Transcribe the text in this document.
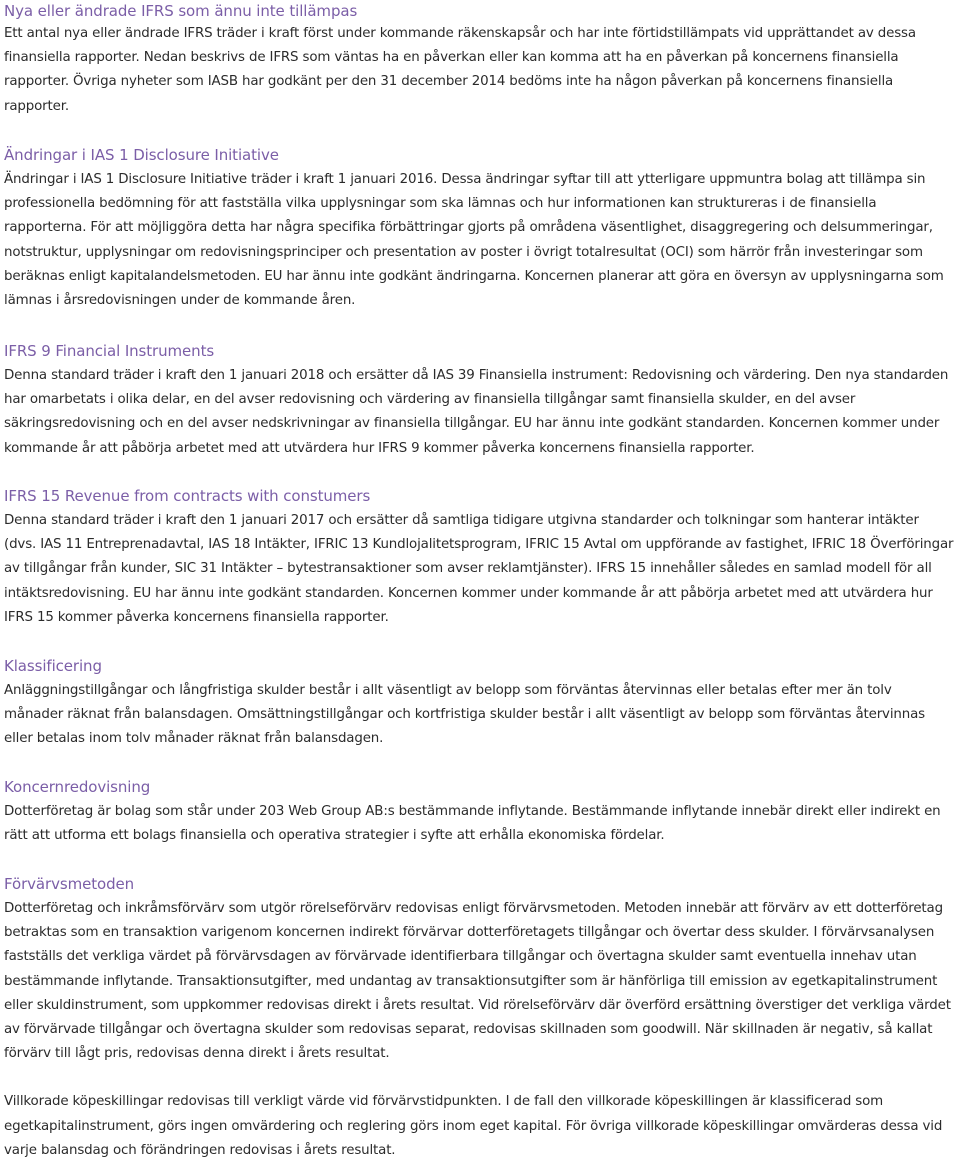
Nya eller ändrade IFRS som ännu inte tillämpas

Ett antal nya eller ändrade IFRS träder i kraft först under kommande räkenskapsår och har inte förtidstillämpats vid upprättandet av dessa finansiella rapporter. Nedan beskrivs de IFRS som väntas ha en påverkan eller kan komma att ha en påverkan på koncernens finansiella rapporter. Övriga nyheter som IASB har godkänt per den 31 december 2014 bedöms inte ha någon påverkan på koncernens finansiella rapporter.

Ändringar i IAS 1 Disclosure Initiative

Ändringar i IAS 1 Disclosure Initiative träder i kraft 1 januari 2016. Dessa ändringar syftar till att ytterligare uppmuntra bolag att tillämpa sin professionella bedömning för att fastställa vilka upplysningar som ska lämnas och hur informationen kan struktureras i de finansiella rapporterna. För att möjliggöra detta har några specifika förbättringar gjorts på områdena väsentlighet, disaggregering och delsummeringar, notstruktur, upplysningar om redovisningsprinciper och presentation av poster i övrigt totalresultat (OCI) som härrör från investeringar som beräknas enligt kapitalandelsmetoden. EU har ännu inte godkänt ändringarna. Koncernen planerar att göra en översyn av upplysningarna som lämnas i årsredovisningen under de kommande åren.

IFRS 9 Financial Instruments

Denna standard träder i kraft den 1 januari 2018 och ersätter då IAS 39 Finansiella instrument: Redovisning och värdering. Den nya standarden har omarbetats i olika delar, en del avser redovisning och värdering av finansiella tillgångar samt finansiella skulder, en del avser säkringsredovisning och en del avser nedskrivningar av finansiella tillgångar. EU har ännu inte godkänt standarden. Koncernen kommer under kommande år att påbörja arbetet med att utvärdera hur IFRS 9 kommer påverka koncernens finansiella rapporter.

IFRS 15 Revenue from contracts with constumers

Denna standard träder i kraft den 1 januari 2017 och ersätter då samtliga tidigare utgivna standarder och tolkningar som hanterar intäkter (dvs. IAS 11 Entreprenadavtal, IAS 18 Intäkter, IFRIC 13 Kundlojalitetsprogram, IFRIC 15 Avtal om uppförande av fastighet, IFRIC 18 Överföringar av tillgångar från kunder, SIC 31 Intäkter – bytestransaktioner som avser reklamtjänster). IFRS 15 innehåller således en samlad modell för all intäktsredovisning. EU har ännu inte godkänt standarden. Koncernen kommer under kommande år att påbörja arbetet med att utvärdera hur IFRS 15 kommer påverka koncernens finansiella rapporter.

Klassificering

Anläggningstillgångar och långfristiga skulder består i allt väsentligt av belopp som förväntas återvinnas eller betalas efter mer än tolv månader räknat från balansdagen. Omsättningstillgångar och kortfristiga skulder består i allt väsentligt av belopp som förväntas återvinnas eller betalas inom tolv månader räknat från balansdagen.

Koncernredovisning

Dotterföretag är bolag som står under 203 Web Group AB:s bestämmande inflytande. Bestämmande inflytande innebär direkt eller indirekt en rätt att utforma ett bolags finansiella och operativa strategier i syfte att erhålla ekonomiska fördelar.

Förvärvsmetoden

Dotterföretag och inkråmsförvärv som utgör rörelseförvärv redovisas enligt förvärvsmetoden. Metoden innebär att förvärv av ett dotterföretag betraktas som en transaktion varigenom koncernen indirekt förvärvar dotterföretagets tillgångar och övertar dess skulder. I förvärvsanalysen fastställs det verkliga värdet på förvärvsdagen av förvärvade identifierbara tillgångar och övertagna skulder samt eventuella innehav utan bestämmande inflytande. Transaktionsutgifter, med undantag av transaktionsutgifter som är hänförliga till emission av egetkapitalinstrument eller skuldinstrument, som uppkommer redovisas direkt i årets resultat. Vid rörelseförvärv där överförd ersättning överstiger det verkliga värdet av förvärvade tillgångar och övertagna skulder som redovisas separat, redovisas skillnaden som goodwill. När skillnaden är negativ, så kallat förvärv till lågt pris, redovisas denna direkt i årets resultat.

Villkorade köpeskillingar redovisas till verkligt värde vid förvärvstidpunkten. I de fall den villkorade köpeskillingen är klassificerad som egetkapitalinstrument, görs ingen omvärdering och reglering görs inom eget kapital. För övriga villkorade köpeskillingar omvärderas dessa vid varje balansdag och förändringen redovisas i årets resultat.
